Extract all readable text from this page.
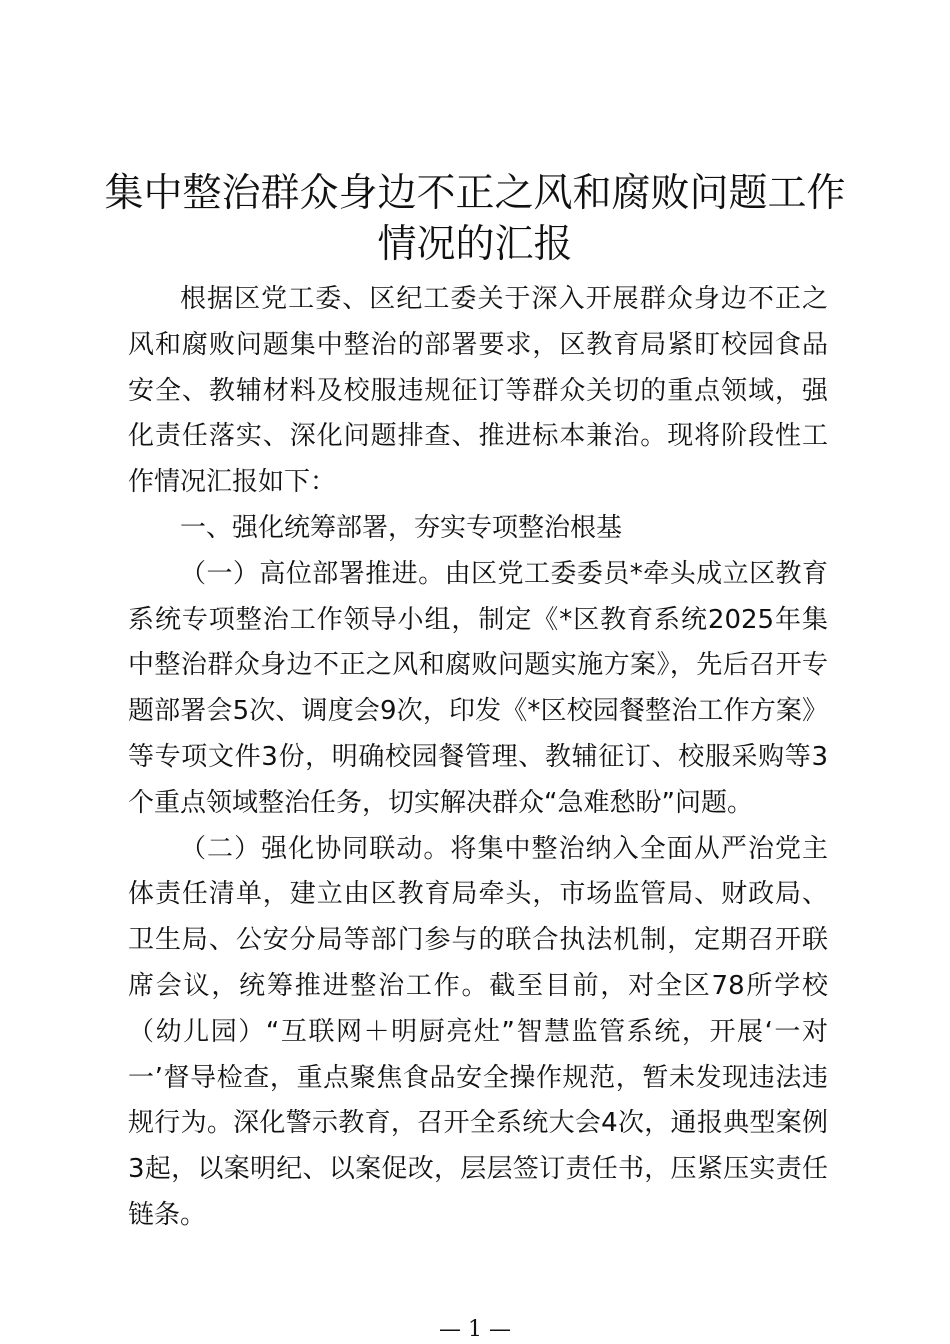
集中整治群众身边不正之风和腐败问题工作情况的汇报

根据区党工委、区纪工委关于深入开展群众身边不正之风和腐败问题集中整治的部署要求，区教育局紧盯校园食品安全、教辅材料及校服违规征订等群众关切的重点领域，强化责任落实、深化问题排查、推进标本兼治。现将阶段性工作情况汇报如下：

一、强化统筹部署，夯实专项整治根基

（一）高位部署推进。由区党工委委员*牵头成立区教育系统专项整治工作领导小组，制定《*区教育系统2025年集中整治群众身边不正之风和腐败问题实施方案》，先后召开专题部署会5次、调度会9次，印发《*区校园餐整治工作方案》等专项文件3份，明确校园餐管理、教辅征订、校服采购等3个重点领域整治任务，切实解决群众“急难愁盼”问题。

（二）强化协同联动。将集中整治纳入全面从严治党主体责任清单，建立由区教育局牵头，市场监管局、财政局、卫生局、公安分局等部门参与的联合执法机制，定期召开联席会议，统筹推进整治工作。截至目前，对全区78所学校（幼儿园）“互联网＋明厨亮灶”智慧监管系统，开展‘一对一’督导检查，重点聚焦食品安全操作规范，暂未发现违法违规行为。深化警示教育，召开全系统大会4次，通报典型案例3起，以案明纪、以案促改，层层签订责任书，压紧压实责任链条。

— 1 —
